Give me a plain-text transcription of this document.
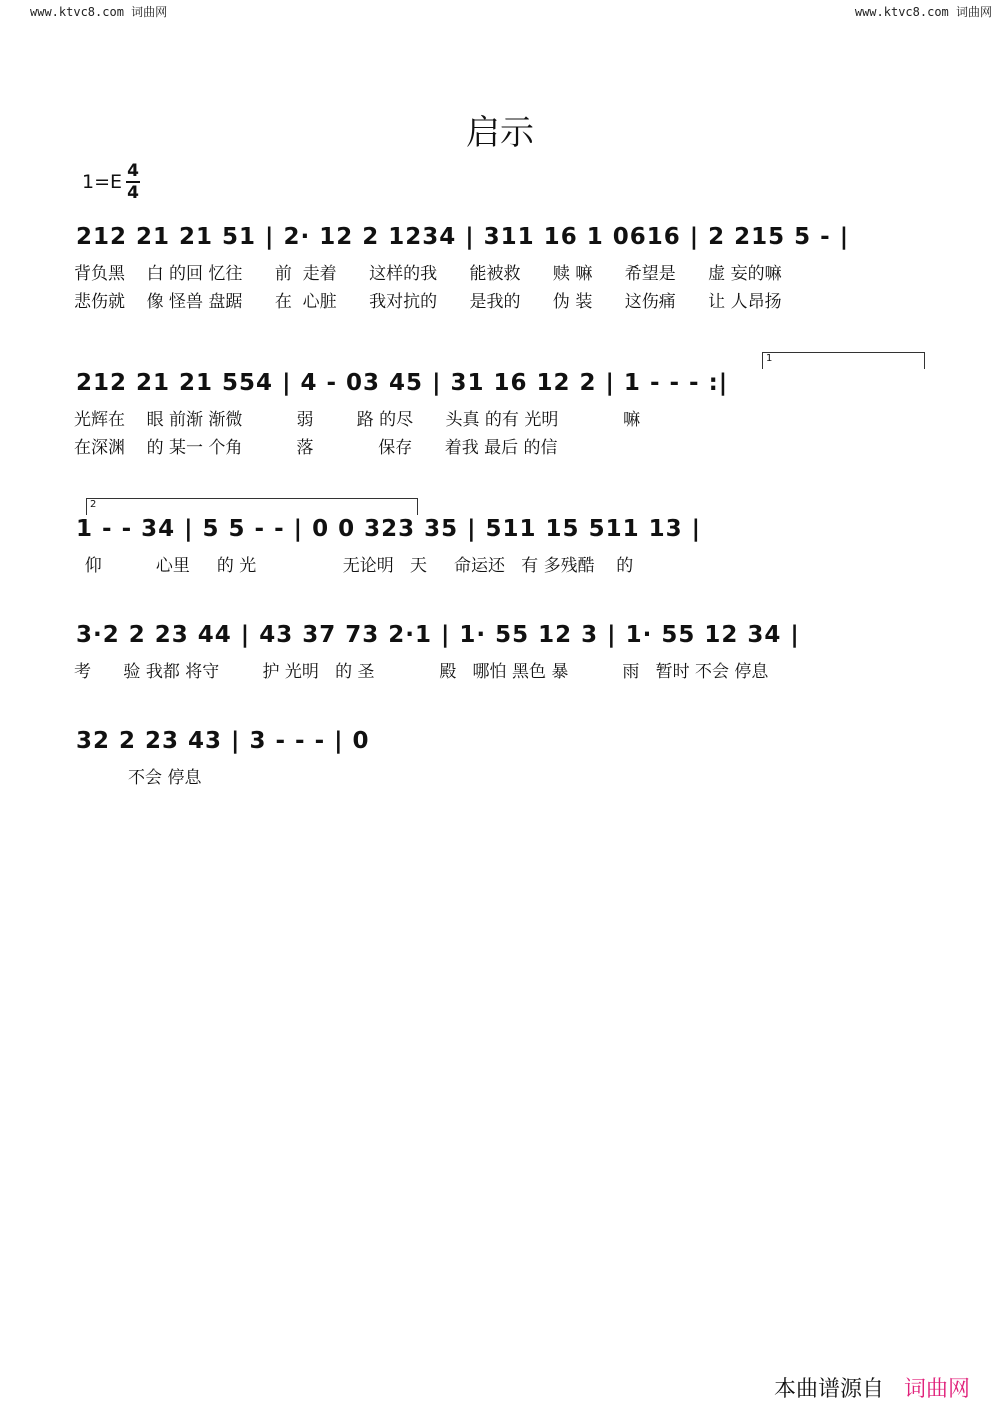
www.ktvc8.com 词曲网	www.ktvc8.com 词曲网
启示
$1=E \frac{4}{4}$
212 21 21 51 | 2· 12 2 1234 | 311 16 1 0616 | 2 215 5 - |
背负黑    白 的回 忆往      前  走着      这样的我      能被救      赎 嘛      希望是      虚 妄的嘛
悲伤就    像 怪兽 盘踞      在  心脏      我对抗的      是我的      伪 装      这伤痛      让 人昂扬
1
212 21 21 554 | 4 - 03 45 | 31 16 12 2 | 1 - - - :|
光辉在    眼 前渐 渐微          弱        路 的尽      头真 的有 光明            嘛
在深渊    的 某一 个角          落            保存      着我 最后 的信
2
1 - - 34 | 5 5 - - | 0 0 323 35 | 511 15 511 13 |
仰          心里     的 光                无论明   天     命运还   有 多残酷    的
3·2 2 23 44 | 43 37 73 2·1 | 1· 55 12 3 | 1· 55 12 34 |
考      验 我都 将守        护 光明   的 圣            殿   哪怕 黑色 暴          雨   暂时 不会 停息
32 2 23 43 | 3 - - - | 0
不会 停息
本曲谱源自 词曲网
